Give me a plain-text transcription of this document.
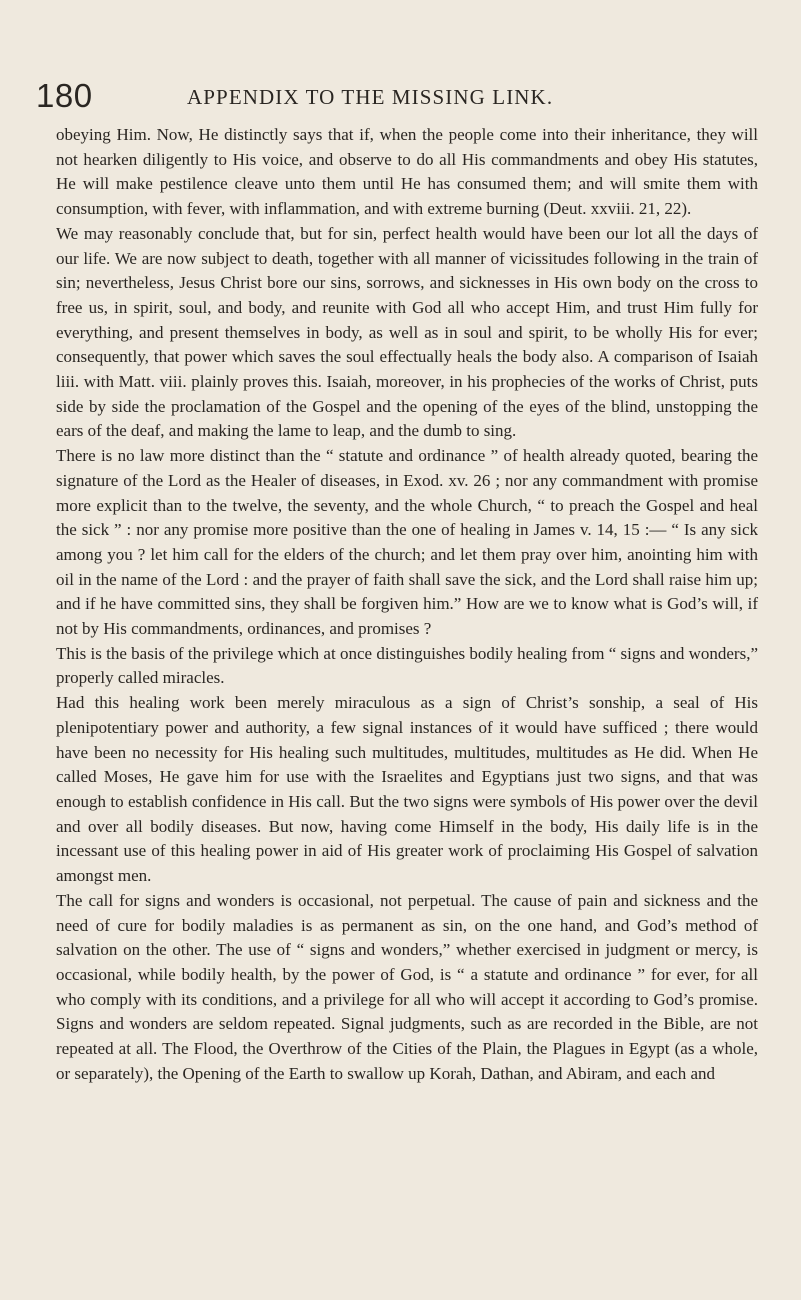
180	APPENDIX TO THE MISSING LINK.

obeying Him. Now, He distinctly says that if, when the people come into their inheritance, they will not hearken diligently to His voice, and observe to do all His commandments and obey His statutes, He will make pestilence cleave unto them until He has consumed them; and will smite them with consumption, with fever, with inflammation, and with extreme burning (Deut. xxviii. 21, 22).

We may reasonably conclude that, but for sin, perfect health would have been our lot all the days of our life. We are now subject to death, together with all manner of vicissitudes following in the train of sin; nevertheless, Jesus Christ bore our sins, sorrows, and sicknesses in His own body on the cross to free us, in spirit, soul, and body, and reunite with God all who accept Him, and trust Him fully for everything, and present themselves in body, as well as in soul and spirit, to be wholly His for ever; consequently, that power which saves the soul effectually heals the body also. A comparison of Isaiah liii. with Matt. viii. plainly proves this. Isaiah, moreover, in his prophecies of the works of Christ, puts side by side the proclamation of the Gospel and the opening of the eyes of the blind, unstopping the ears of the deaf, and making the lame to leap, and the dumb to sing.

There is no law more distinct than the “ statute and ordinance ” of health already quoted, bearing the signature of the Lord as the Healer of diseases, in Exod. xv. 26 ; nor any commandment with promise more explicit than to the twelve, the seventy, and the whole Church, “ to preach the Gospel and heal the sick ” : nor any promise more positive than the one of healing in James v. 14, 15 :— “ Is any sick among you ? let him call for the elders of the church; and let them pray over him, anointing him with oil in the name of the Lord : and the prayer of faith shall save the sick, and the Lord shall raise him up; and if he have committed sins, they shall be forgiven him.” How are we to know what is God’s will, if not by His commandments, ordinances, and promises ?

This is the basis of the privilege which at once distinguishes bodily healing from “ signs and wonders,” properly called miracles.

Had this healing work been merely miraculous as a sign of Christ’s sonship, a seal of His plenipotentiary power and authority, a few signal instances of it would have sufficed ; there would have been no necessity for His healing such multitudes, multitudes, multitudes as He did. When He called Moses, He gave him for use with the Israelites and Egyptians just two signs, and that was enough to establish confidence in His call. But the two signs were symbols of His power over the devil and over all bodily diseases. But now, having come Himself in the body, His daily life is in the incessant use of this healing power in aid of His greater work of proclaiming His Gospel of salvation amongst men.

The call for signs and wonders is occasional, not perpetual. The cause of pain and sickness and the need of cure for bodily maladies is as permanent as sin, on the one hand, and God’s method of salvation on the other. The use of “ signs and wonders,” whether exercised in judgment or mercy, is occasional, while bodily health, by the power of God, is “ a statute and ordinance ” for ever, for all who comply with its conditions, and a privilege for all who will accept it according to God’s promise. Signs and wonders are seldom repeated. Signal judgments, such as are recorded in the Bible, are not repeated at all. The Flood, the Overthrow of the Cities of the Plain, the Plagues in Egypt (as a whole, or separately), the Opening of the Earth to swallow up Korah, Dathan, and Abiram, and each and
